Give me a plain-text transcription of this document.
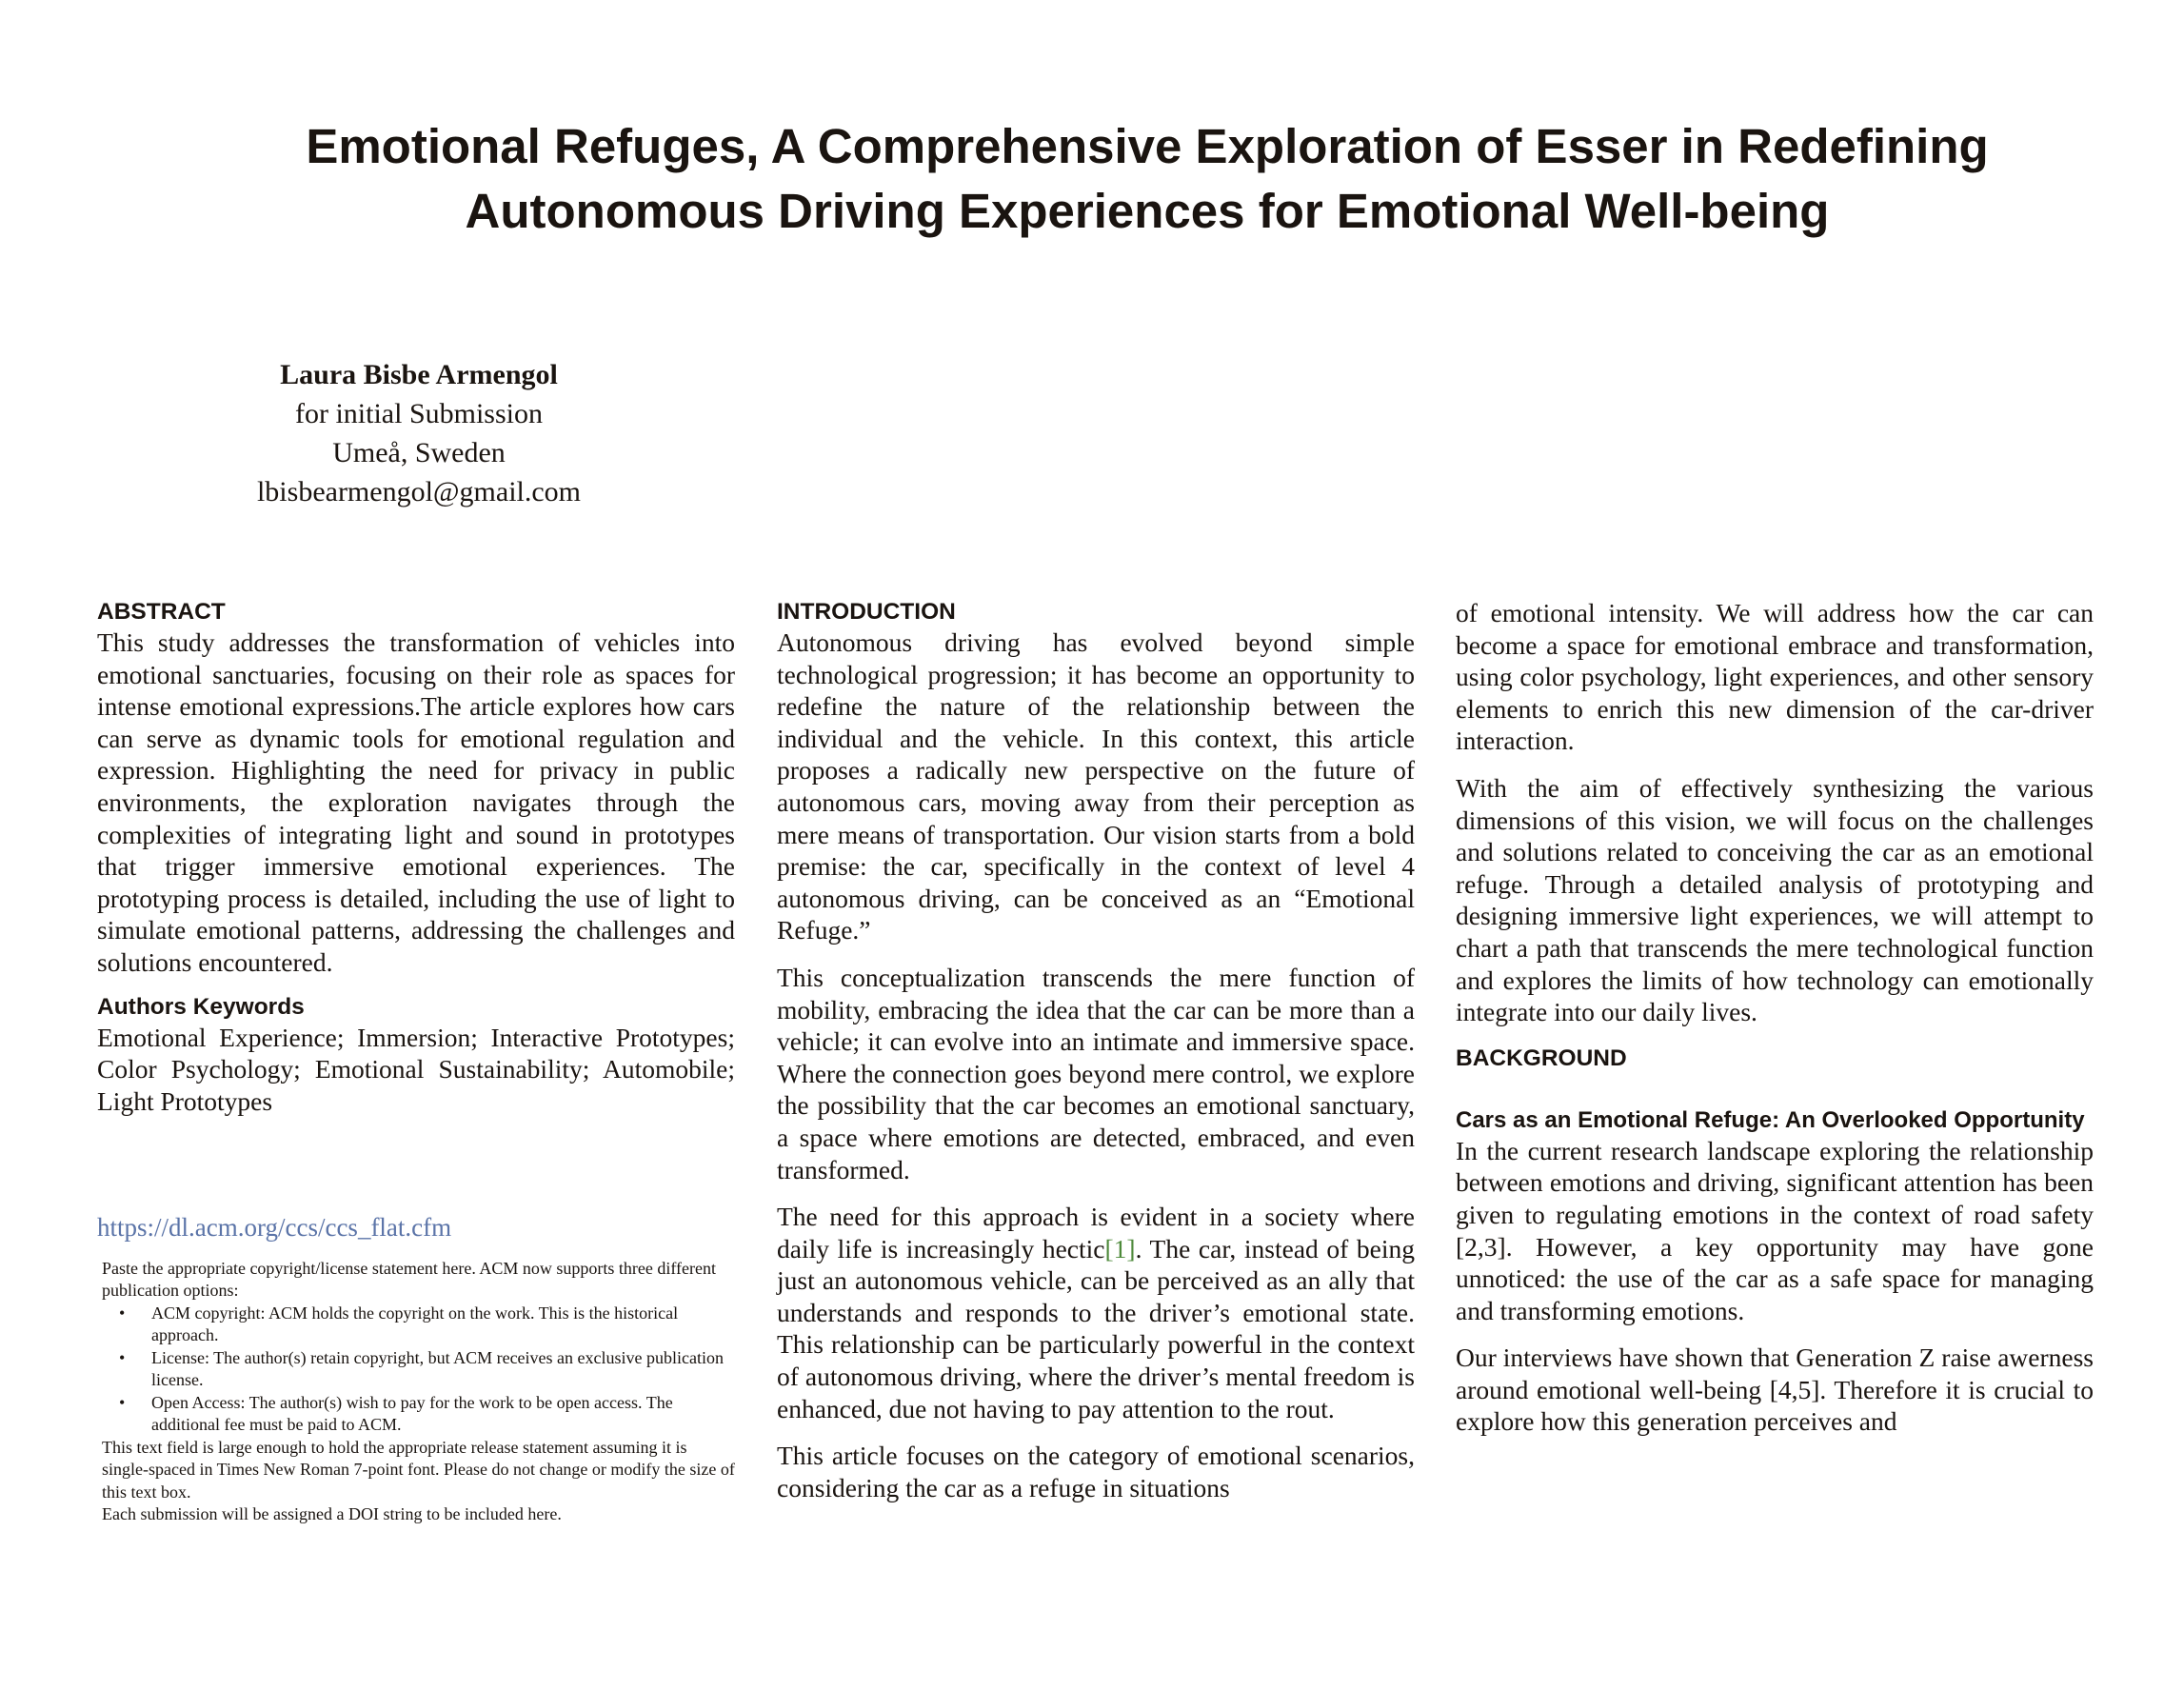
Emotional Refuges, A Comprehensive Exploration of Esser in Redefining
Autonomous Driving Experiences for Emotional Well-being
Laura Bisbe Armengol
for initial Submission
Umeå, Sweden
lbisbearmengol@gmail.com
ABSTRACT

This study addresses the transformation of vehicles into emotional sanctuaries, focusing on their role as spaces for intense emotional expressions.The article explores how cars can serve as dynamic tools for emotional regulation and expression. Highlighting the need for privacy in public environments, the exploration navigates through the complexities of integrating light and sound in prototypes that trigger immersive emotional experiences. The prototyping process is detailed, including the use of light to simulate emotional patterns, addressing the challenges and solutions encountered.

Authors Keywords

Emotional Experience; Immersion; Interactive Prototypes; Color Psychology; Emotional Sustainability; Automobile; Light Prototypes

https://dl.acm.org/ccs/ccs_flat.cfm
Paste the appropriate copyright/license statement here. ACM now supports three different publication options:
• ACM copyright: ACM holds the copyright on the work. This is the historical approach.
• License: The author(s) retain copyright, but ACM receives an exclusive publication license.
• Open Access: The author(s) wish to pay for the work to be open access. The additional fee must be paid to ACM.
This text field is large enough to hold the appropriate release statement assuming it is single-spaced in Times New Roman 7-point font. Please do not change or modify the size of this text box.
Each submission will be assigned a DOI string to be included here.
INTRODUCTION

Autonomous driving has evolved beyond simple technological progression; it has become an opportunity to redefine the nature of the relationship between the individual and the vehicle. In this context, this article proposes a radically new perspective on the future of autonomous cars, moving away from their perception as mere means of transportation. Our vision starts from a bold premise: the car, specifically in the context of level 4 autonomous driving, can be conceived as an “Emotional Refuge.”

This conceptualization transcends the mere function of mobility, embracing the idea that the car can be more than a vehicle; it can evolve into an intimate and immersive space. Where the connection goes beyond mere control, we explore the possibility that the car becomes an emotional sanctuary, a space where emotions are detected, embraced, and even transformed.

The need for this approach is evident in a society where daily life is increasingly hectic[1]. The car, instead of being just an autonomous vehicle, can be perceived as an ally that understands and responds to the driver’s emotional state. This relationship can be particularly powerful in the context of autonomous driving, where the driver’s mental freedom is enhanced, due not having to pay attention to the rout.

This article focuses on the category of emotional scenarios, considering the car as a refuge in situations

of emotional intensity. We will address how the car can become a space for emotional embrace and transformation, using color psychology, light experiences, and other sensory elements to enrich this new dimension of the car-driver interaction.

With the aim of effectively synthesizing the various dimensions of this vision, we will focus on the challenges and solutions related to conceiving the car as an emotional refuge. Through a detailed analysis of prototyping and designing immersive light experiences, we will attempt to chart a path that transcends the mere technological function and explores the limits of how technology can emotionally integrate into our daily lives.

BACKGROUND
Cars as an Emotional Refuge: An Overlooked Opportunity

In the current research landscape exploring the relationship between emotions and driving, significant attention has been given to regulating emotions in the context of road safety [2,3]. However, a key opportunity may have gone unnoticed: the use of the car as a safe space for managing and transforming emotions.

Our interviews have shown that Generation Z raise awerness around emotional well-being [4,5]. Therefore it is crucial to explore how this generation perceives and
